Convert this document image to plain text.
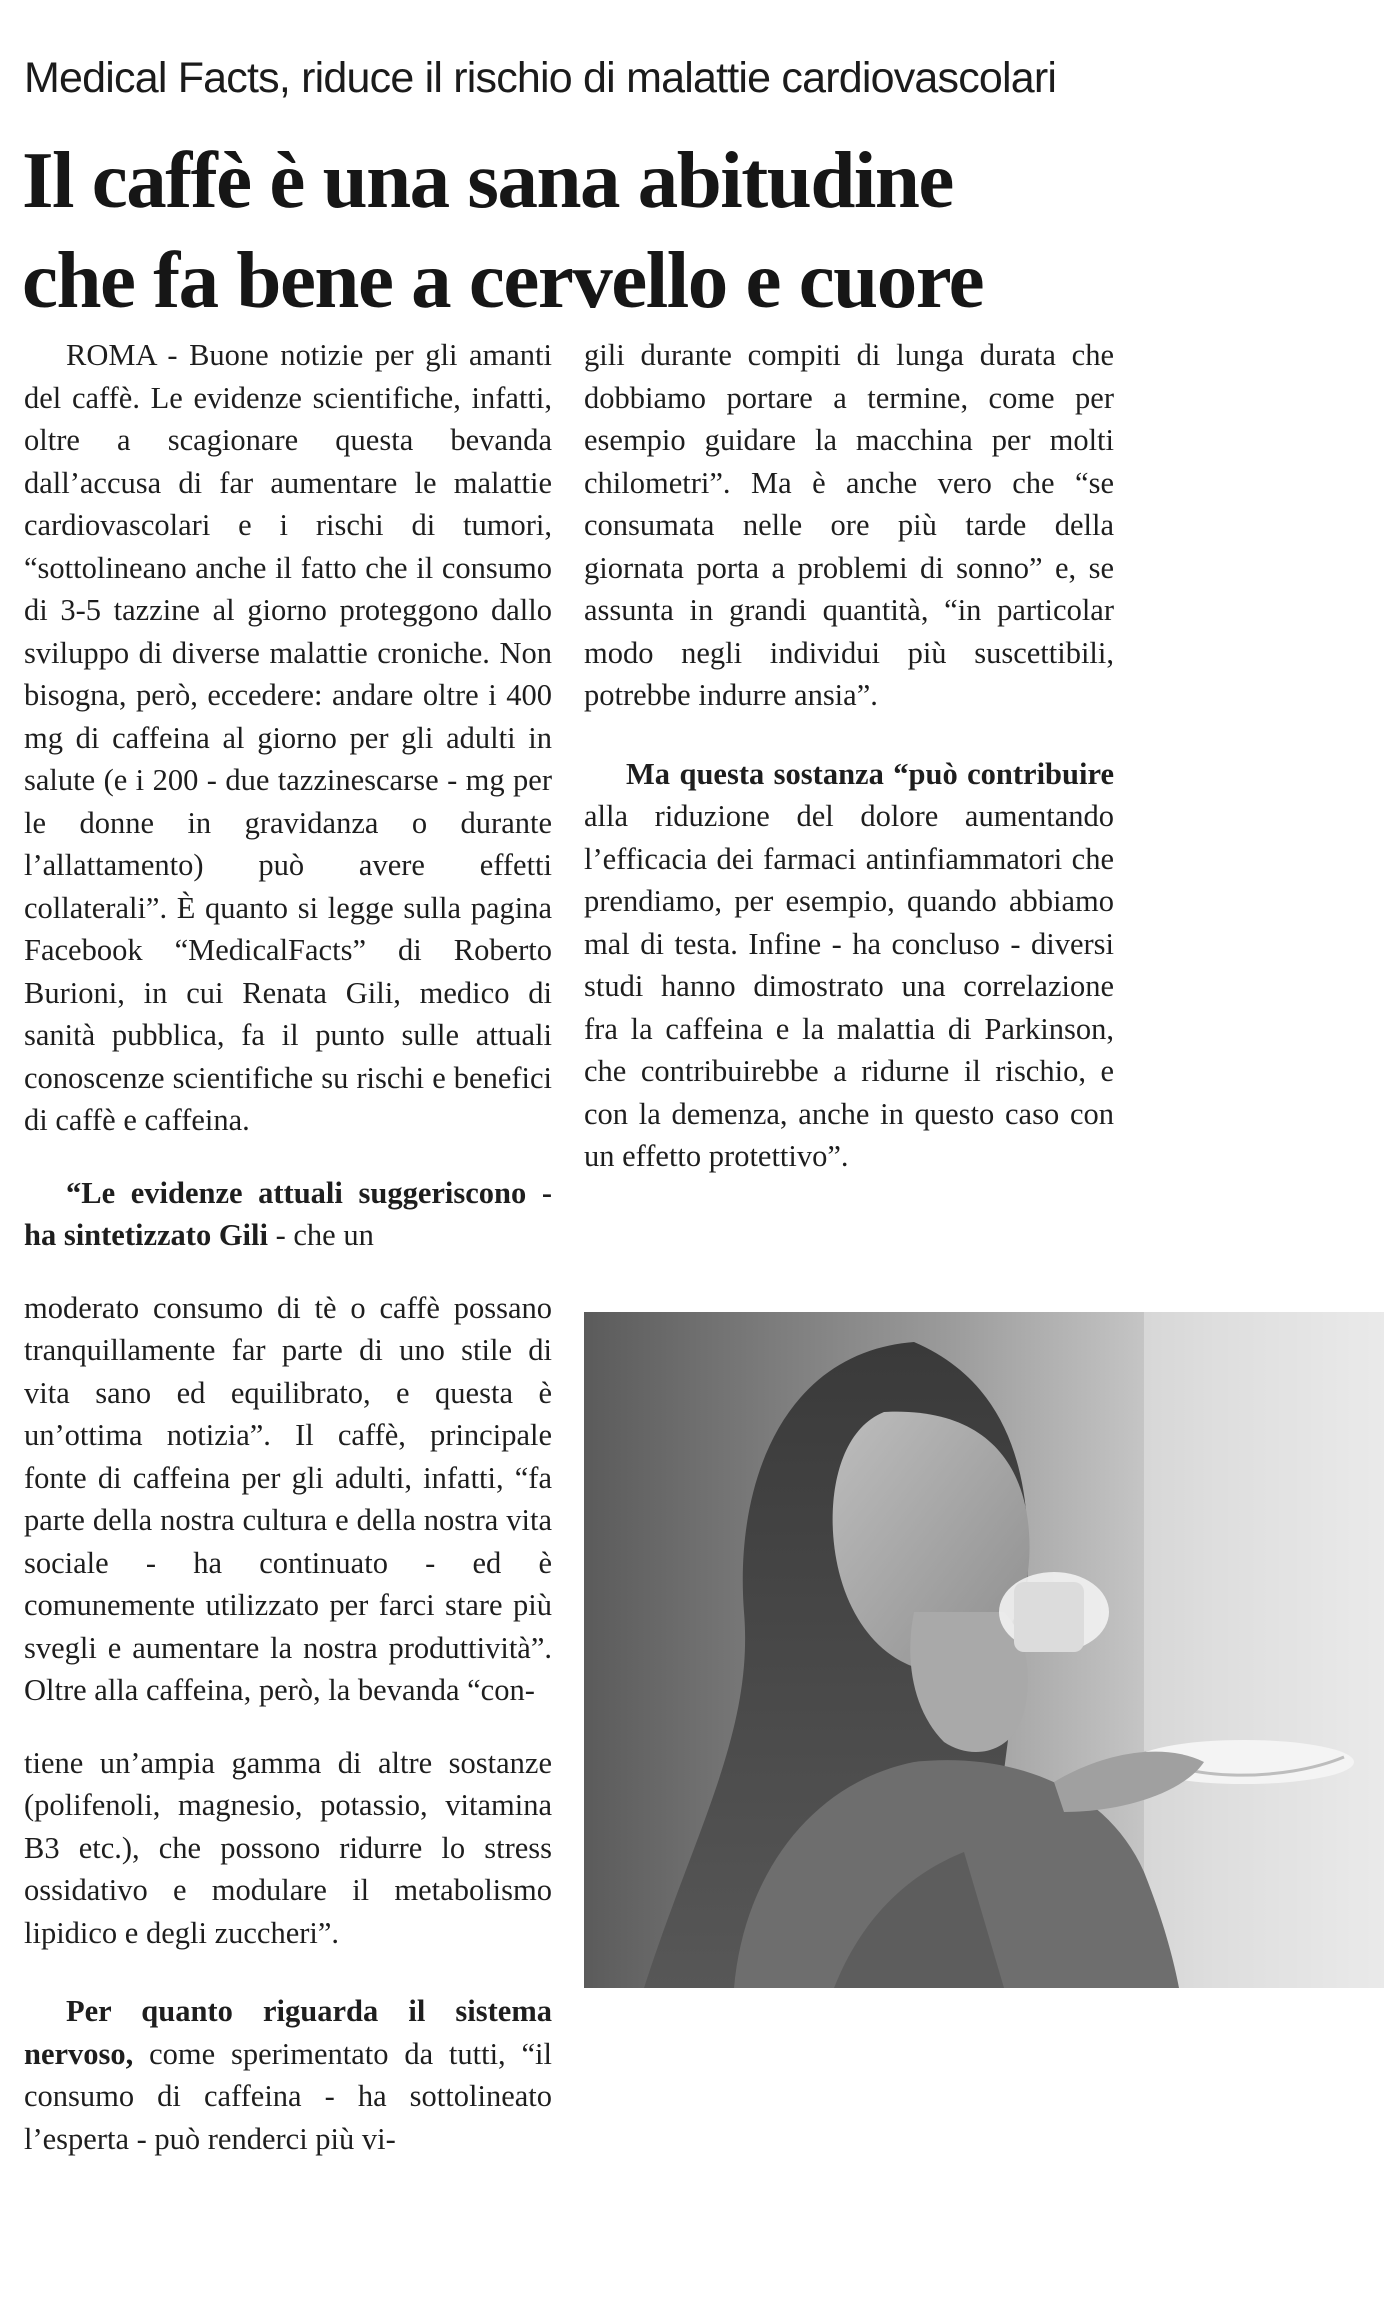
Medical Facts, riduce il rischio di malattie cardiovascolari
Il caffè è una sana abitudine
che fa bene a cervello e cuore

ROMA - Buone notizie per gli amanti del caffè. Le evidenze scientifiche, infatti, oltre a scagionare questa bevanda dall’accusa di far aumentare le malattie cardiovascolari e i rischi di tumori, “sottolineano anche il fatto che il consumo di 3-5 tazzine al giorno proteggono dallo sviluppo di diverse malattie croniche. Non bisogna, però, eccedere: andare oltre i 400 mg di caffeina al giorno per gli adulti in salute (e i 200 - due tazzinescarse - mg per le donne in gravidanza o durante l’allattamento) può avere effetti collaterali”. È quanto si legge sulla pagina Facebook “MedicalFacts” di Roberto Burioni, in cui Renata Gili, medico di sanità pubblica, fa il punto sulle attuali conoscenze scientifiche su rischi e benefici di caffè e caffeina.

“Le evidenze attuali suggeriscono - ha sintetizzato Gili - che un

moderato consumo di tè o caffè possano tranquillamente far parte di uno stile di vita sano ed equilibrato, e questa è un’ottima notizia”. Il caffè, principale fonte di caffeina per gli adulti, infatti, “fa parte della nostra cultura e della nostra vita sociale - ha continuato - ed è comunemente utilizzato per farci stare più svegli e aumentare la nostra produttività”. Oltre alla caffeina, però, la bevanda “con-

tiene un’ampia gamma di altre sostanze (polifenoli, magnesio, potassio, vitamina B3 etc.), che possono ridurre lo stress ossidativo e modulare il metabolismo lipidico e degli zuccheri”.

Per quanto riguarda il sistema nervoso, come sperimentato da tutti, “il consumo di caffeina - ha sottolineato l’esperta - può renderci più vi-

gili durante compiti di lunga durata che dobbiamo portare a termine, come per esempio guidare la macchina per molti chilometri”. Ma è anche vero che “se consumata nelle ore più tarde della giornata porta a problemi di sonno” e, se assunta in grandi quantità, “in particolar modo negli individui più suscettibili, potrebbe indurre ansia”.

Ma questa sostanza “può contribuire alla riduzione del dolore aumentando l’efficacia dei farmaci antinfiammatori che prendiamo, per esempio, quando abbiamo mal di testa. Infine - ha concluso - diversi studi hanno dimostrato una correlazione fra la caffeina e la malattia di Parkinson, che contribuirebbe a ridurne il rischio, e con la demenza, anche in questo caso con un effetto protettivo”.
